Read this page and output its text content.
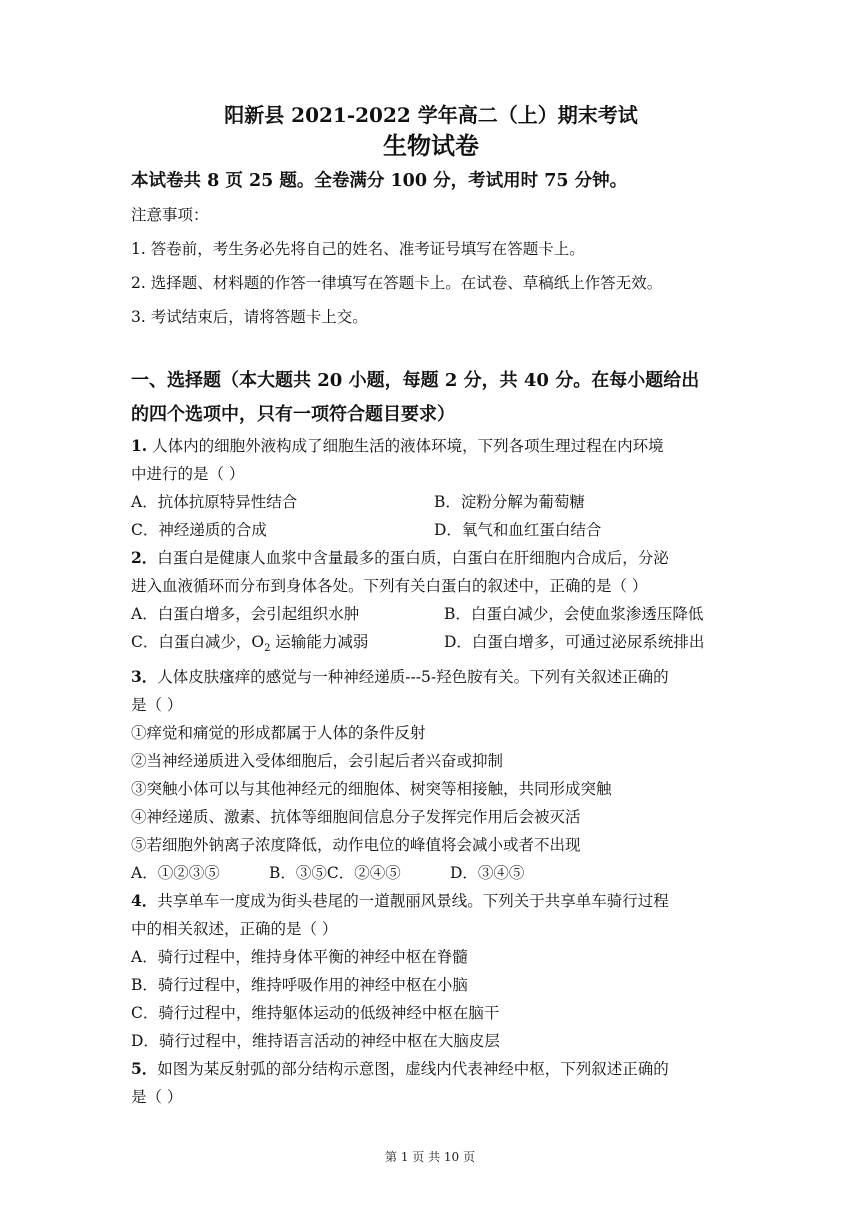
阳新县 2021-2022 学年高二（上）期末考试

生物试卷

本试卷共 8 页 25 题。全卷满分 100 分，考试用时 75 分钟。

注意事项：

1. 答卷前，考生务必先将自己的姓名、准考证号填写在答题卡上。

2. 选择题、材料题的作答一律填写在答题卡上。在试卷、草稿纸上作答无效。

3. 考试结束后，请将答题卡上交。

一、选择题（本大题共 20 小题，每题 2 分，共 40 分。在每小题给出

的四个选项中，只有一项符合题目要求）

1. 人体内的细胞外液构成了细胞生活的液体环境，下列各项生理过程在内环境

中进行的是（ ）

A．抗体抗原特异性结合	B．淀粉分解为葡萄糖
C．神经递质的合成	D．氧气和血红蛋白结合

2．白蛋白是健康人血浆中含量最多的蛋白质，白蛋白在肝细胞内合成后，分泌

进入血液循环而分布到身体各处。下列有关白蛋白的叙述中，正确的是（ ）

A．白蛋白增多，会引起组织水肿	B．白蛋白减少，会使血浆渗透压降低
C．白蛋白减少，$O_2$ 运输能力减弱	D．白蛋白增多，可通过泌尿系统排出

3．人体皮肤瘙痒的感觉与一种神经递质---5-羟色胺有关。下列有关叙述正确的

是（ ）

①痒觉和痛觉的形成都属于人体的条件反射

②当神经递质进入受体细胞后，会引起后者兴奋或抑制

③突触小体可以与其他神经元的细胞体、树突等相接触，共同形成突触

④神经递质、激素、抗体等细胞间信息分子发挥完作用后会被灭活

⑤若细胞外钠离子浓度降低，动作电位的峰值将会减小或者不出现

A．①②③⑤          B．③⑤C．②④⑤          D．③④⑤

4．共享单车一度成为街头巷尾的一道靓丽风景线。下列关于共享单车骑行过程

中的相关叙述，正确的是（ ）

A．骑行过程中，维持身体平衡的神经中枢在脊髓

B．骑行过程中，维持呼吸作用的神经中枢在小脑

C．骑行过程中，维持躯体运动的低级神经中枢在脑干

D．骑行过程中，维持语言活动的神经中枢在大脑皮层

5．如图为某反射弧的部分结构示意图，虚线内代表神经中枢，下列叙述正确的

是（ ）

第 1 页 共 10 页
